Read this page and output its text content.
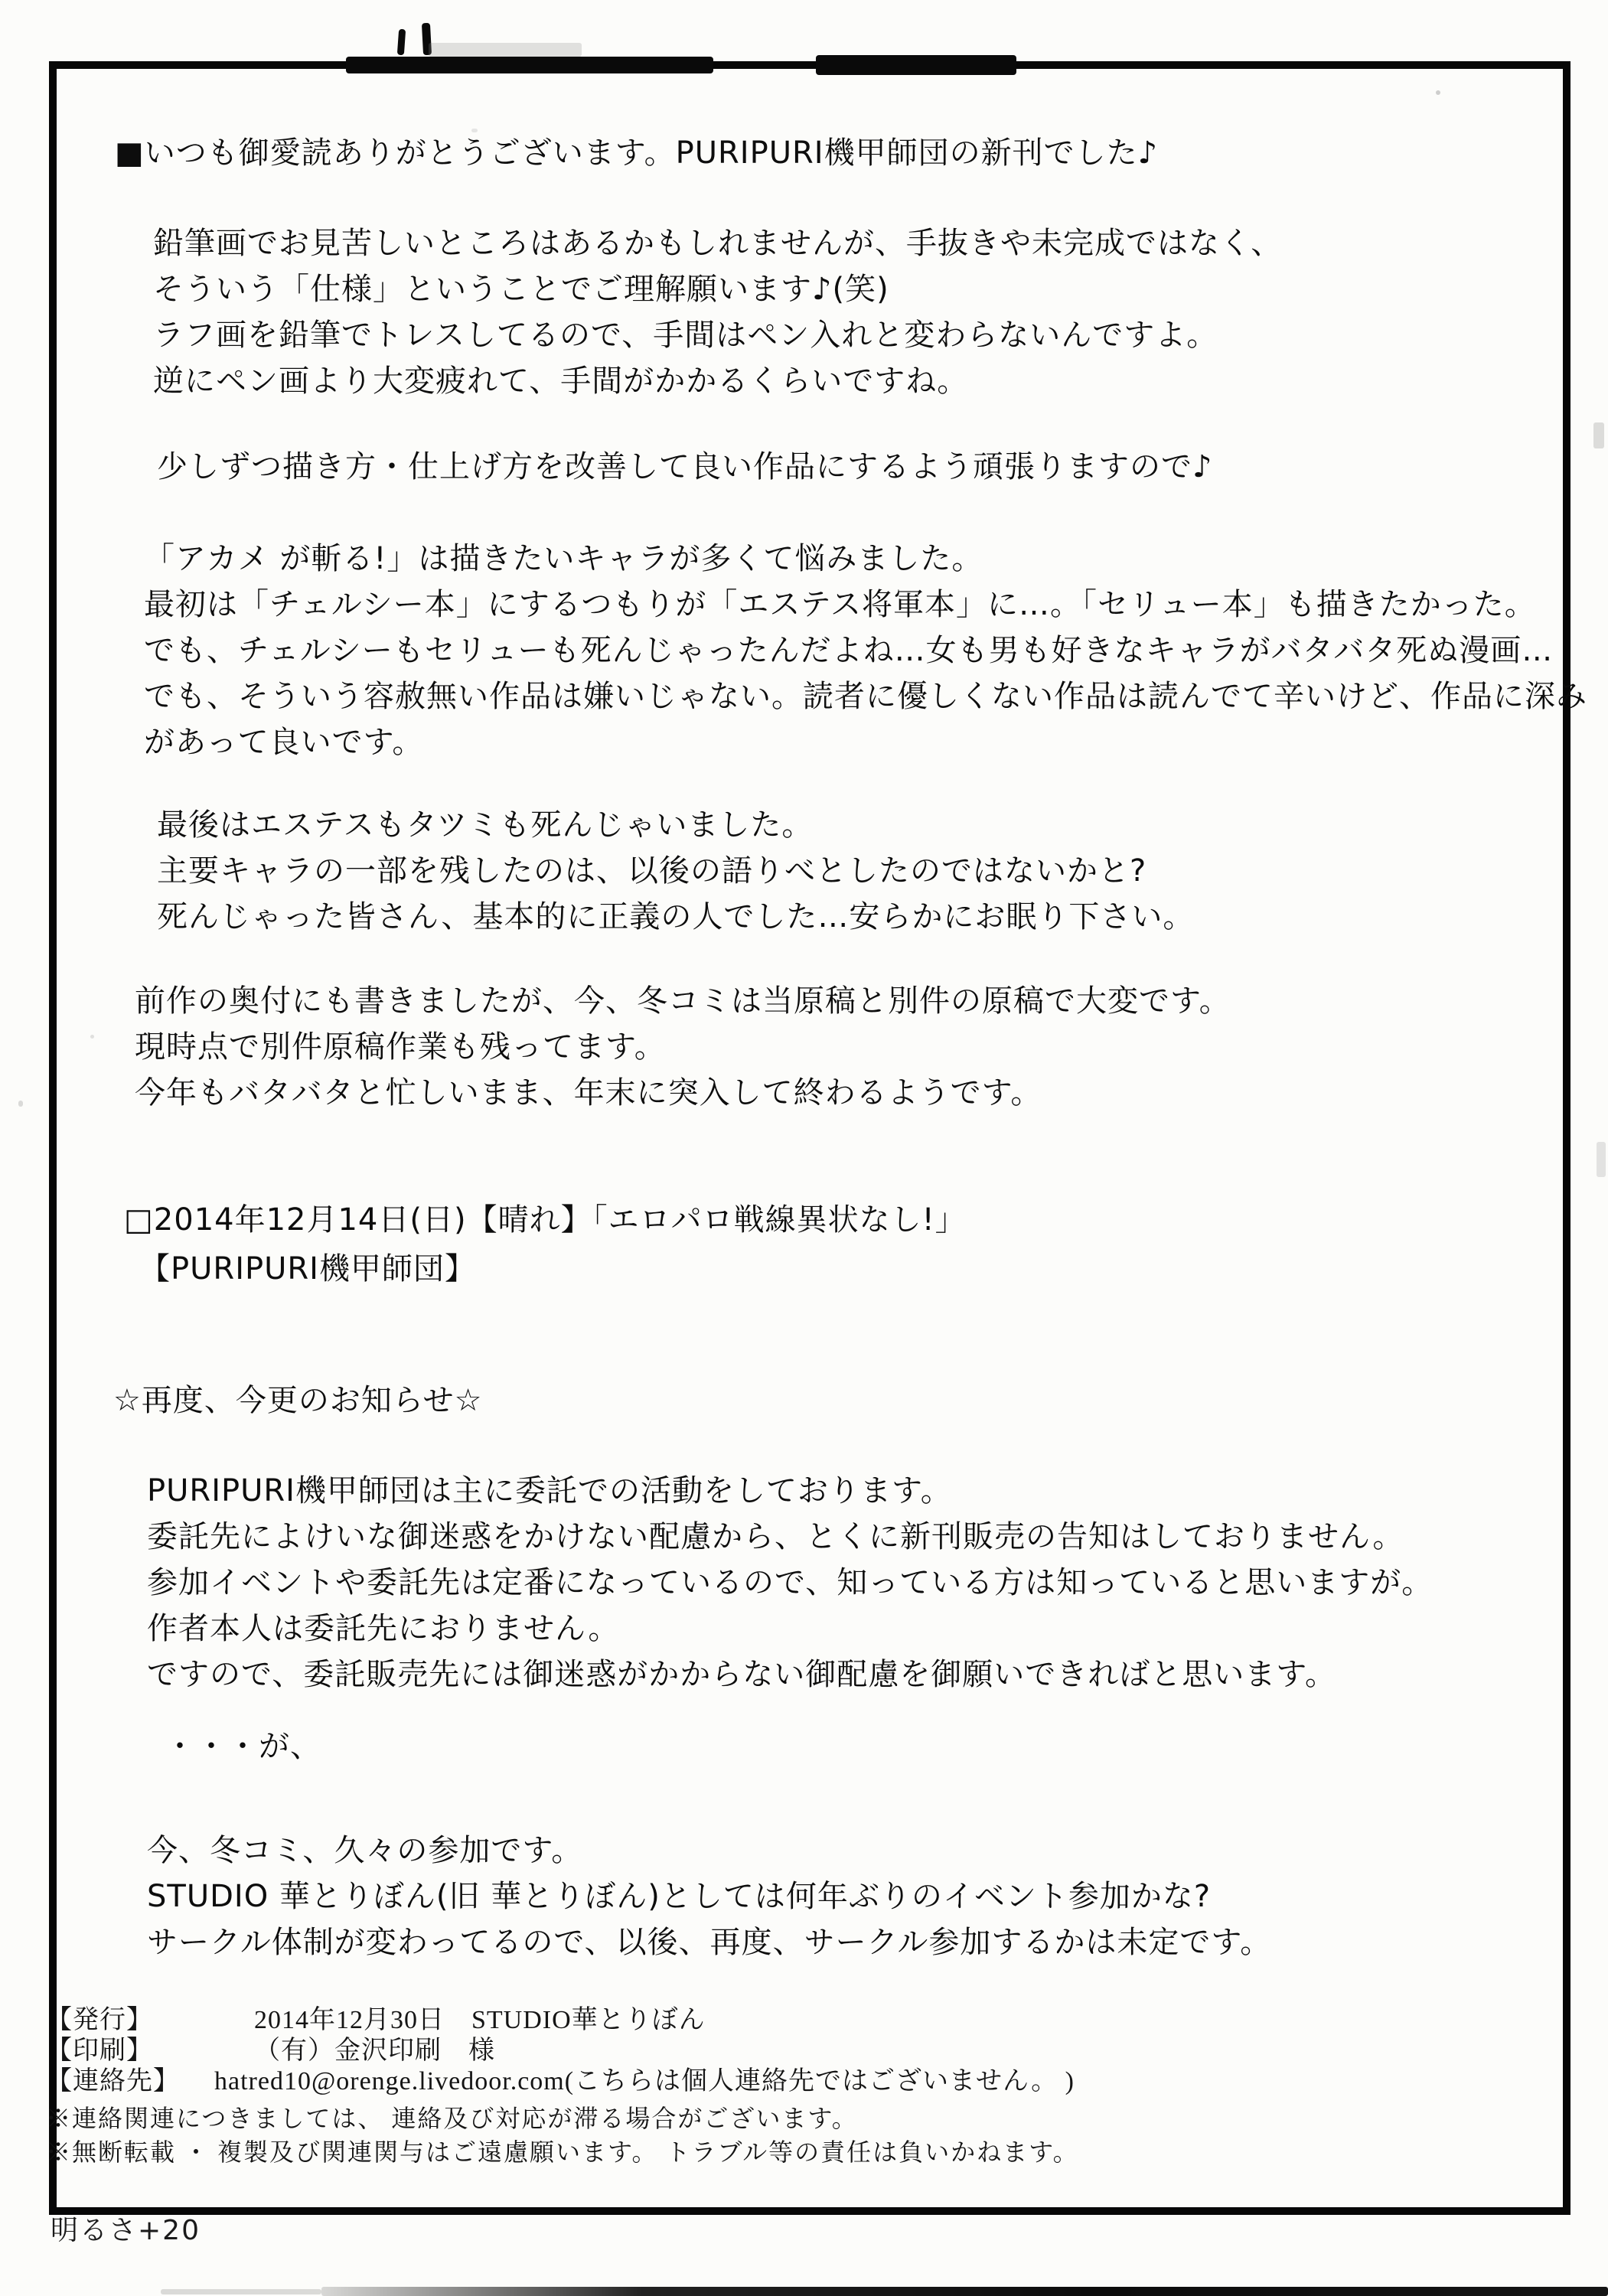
■いつも御愛読ありがとうございます。PURIPURI機甲師団の新刊でした♪
鉛筆画でお見苦しいところはあるかもしれませんが、手抜きや未完成ではなく、
そういう「仕様」ということでご理解願います♪(笑)
ラフ画を鉛筆でトレスしてるので、手間はペン入れと変わらないんですよ。
逆にペン画より大変疲れて、手間がかかるくらいですね。
少しずつ描き方・仕上げ方を改善して良い作品にするよう頑張りますので♪
「アカメ が斬る!」は描きたいキャラが多くて悩みました。
最初は「チェルシー本」にするつもりが「エステス将軍本」に…。「セリュー本」も描きたかった。
でも、チェルシーもセリューも死んじゃったんだよね…女も男も好きなキャラがバタバタ死ぬ漫画…
でも、そういう容赦無い作品は嫌いじゃない。読者に優しくない作品は読んでて辛いけど、作品に深み
があって良いです。
最後はエステスもタツミも死んじゃいました。
主要キャラの一部を残したのは、以後の語りべとしたのではないかと?
死んじゃった皆さん、基本的に正義の人でした…安らかにお眠り下さい。
前作の奥付にも書きましたが、今、冬コミは当原稿と別件の原稿で大変です。
現時点で別件原稿作業も残ってます。
今年もバタバタと忙しいまま、年末に突入して終わるようです。
□2014年12月14日(日)【晴れ】「エロパロ戦線異状なし!」
【PURIPURI機甲師団】
☆再度、今更のお知らせ☆
PURIPURI機甲師団は主に委託での活動をしております。
委託先によけいな御迷惑をかけない配慮から、とくに新刊販売の告知はしておりません。
参加イベントや委託先は定番になっているので、知っている方は知っていると思いますが。
作者本人は委託先におりません。
ですので、委託販売先には御迷惑がかからない御配慮を御願いできればと思います。
・・・が、
今、冬コミ、久々の参加です。
STUDIO 華とりぼん(旧 華とりぼん)としては何年ぶりのイベント参加かな?
サークル体制が変わってるので、以後、再度、サークル参加するかは未定です。
【発行】	2014年12月30日　STUDIO華とりぼん
【印刷】	（有）金沢印刷　様
【連絡先】 hatred10@orenge.livedoor.com(こちらは個人連絡先ではございません。 )
※連絡関連につきましては、 連絡及び対応が滞る場合がございます。
※無断転載 ・ 複製及び関連関与はご遠慮願います。 トラブル等の責任は負いかねます。
明るさ+20
